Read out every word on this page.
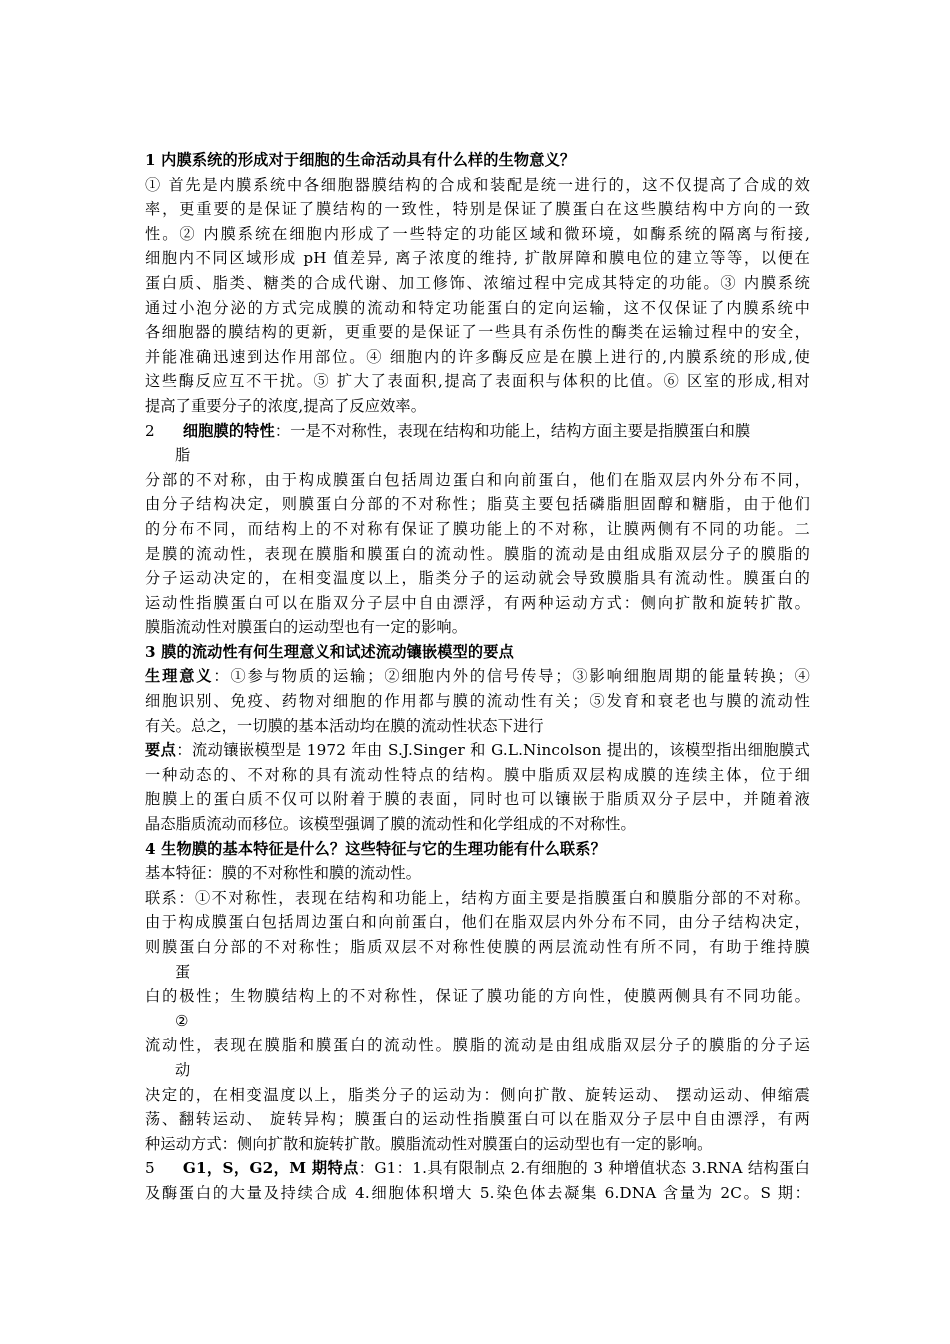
1 内膜系统的形成对于细胞的生命活动具有什么样的生物意义？
① 首先是内膜系统中各细胞器膜结构的合成和装配是统一进行的，这不仅提高了合成的效
率，更重要的是保证了膜结构的一致性，特别是保证了膜蛋白在这些膜结构中方向的一致
性。② 内膜系统在细胞内形成了一些特定的功能区域和微环境，如酶系统的隔离与衔接,
细胞内不同区域形成 pH 值差异, 离子浓度的维持, 扩散屏障和膜电位的建立等等，以便在
蛋白质、脂类、糖类的合成代谢、加工修饰、浓缩过程中完成其特定的功能。③ 内膜系统
通过小泡分泌的方式完成膜的流动和特定功能蛋白的定向运输，这不仅保证了内膜系统中
各细胞器的膜结构的更新，更重要的是保证了一些具有杀伤性的酶类在运输过程中的安全，
并能准确迅速到达作用部位。④ 细胞内的许多酶反应是在膜上进行的,内膜系统的形成,使
这些酶反应互不干扰。⑤ 扩大了表面积,提高了表面积与体积的比值。⑥ 区室的形成,相对
提高了重要分子的浓度,提高了反应效率。
2 细胞膜的特性：一是不对称性，表现在结构和功能上，结构方面主要是指膜蛋白和膜
脂
分部的不对称，由于构成膜蛋白包括周边蛋白和向前蛋白，他们在脂双层内外分布不同，
由分子结构决定，则膜蛋白分部的不对称性；脂莫主要包括磷脂胆固醇和糖脂，由于他们
的分布不同，而结构上的不对称有保证了膜功能上的不对称，让膜两侧有不同的功能。二
是膜的流动性，表现在膜脂和膜蛋白的流动性。膜脂的流动是由组成脂双层分子的膜脂的
分子运动决定的，在相变温度以上，脂类分子的运动就会导致膜脂具有流动性。膜蛋白的
运动性指膜蛋白可以在脂双分子层中自由漂浮，有两种运动方式：侧向扩散和旋转扩散。
膜脂流动性对膜蛋白的运动型也有一定的影响。
3 膜的流动性有何生理意义和试述流动镶嵌模型的要点
生理意义：①参与物质的运输；②细胞内外的信号传导；③影响细胞周期的能量转换；④
细胞识别、免疫、药物对细胞的作用都与膜的流动性有关；⑤发育和衰老也与膜的流动性
有关。总之，一切膜的基本活动均在膜的流动性状态下进行
要点：流动镶嵌模型是 1972 年由 S.J.Singer 和 G.L.Nincolson 提出的，该模型指出细胞膜式
一种动态的、不对称的具有流动性特点的结构。膜中脂质双层构成膜的连续主体，位于细
胞膜上的蛋白质不仅可以附着于膜的表面，同时也可以镶嵌于脂质双分子层中，并随着液
晶态脂质流动而移位。该模型强调了膜的流动性和化学组成的不对称性。
4 生物膜的基本特征是什么？这些特征与它的生理功能有什么联系？
基本特征：膜的不对称性和膜的流动性。
联系：①不对称性，表现在结构和功能上，结构方面主要是指膜蛋白和膜脂分部的不对称。
由于构成膜蛋白包括周边蛋白和向前蛋白，他们在脂双层内外分布不同，由分子结构决定，
则膜蛋白分部的不对称性；脂质双层不对称性使膜的两层流动性有所不同，有助于维持膜
蛋
白的极性；生物膜结构上的不对称性，保证了膜功能的方向性，使膜两侧具有不同功能。
②
流动性，表现在膜脂和膜蛋白的流动性。膜脂的流动是由组成脂双层分子的膜脂的分子运
动
决定的，在相变温度以上，脂类分子的运动为：侧向扩散、旋转运动、 摆动运动、伸缩震
荡、翻转运动、 旋转异构；膜蛋白的运动性指膜蛋白可以在脂双分子层中自由漂浮，有两
种运动方式：侧向扩散和旋转扩散。膜脂流动性对膜蛋白的运动型也有一定的影响。
5 G1，S，G2，M 期特点：G1：1.具有限制点 2.有细胞的 3 种增值状态 3.RNA 结构蛋白
及酶蛋白的大量及持续合成 4.细胞体积增大 5.染色体去凝集 6.DNA 含量为 2C。S 期：
